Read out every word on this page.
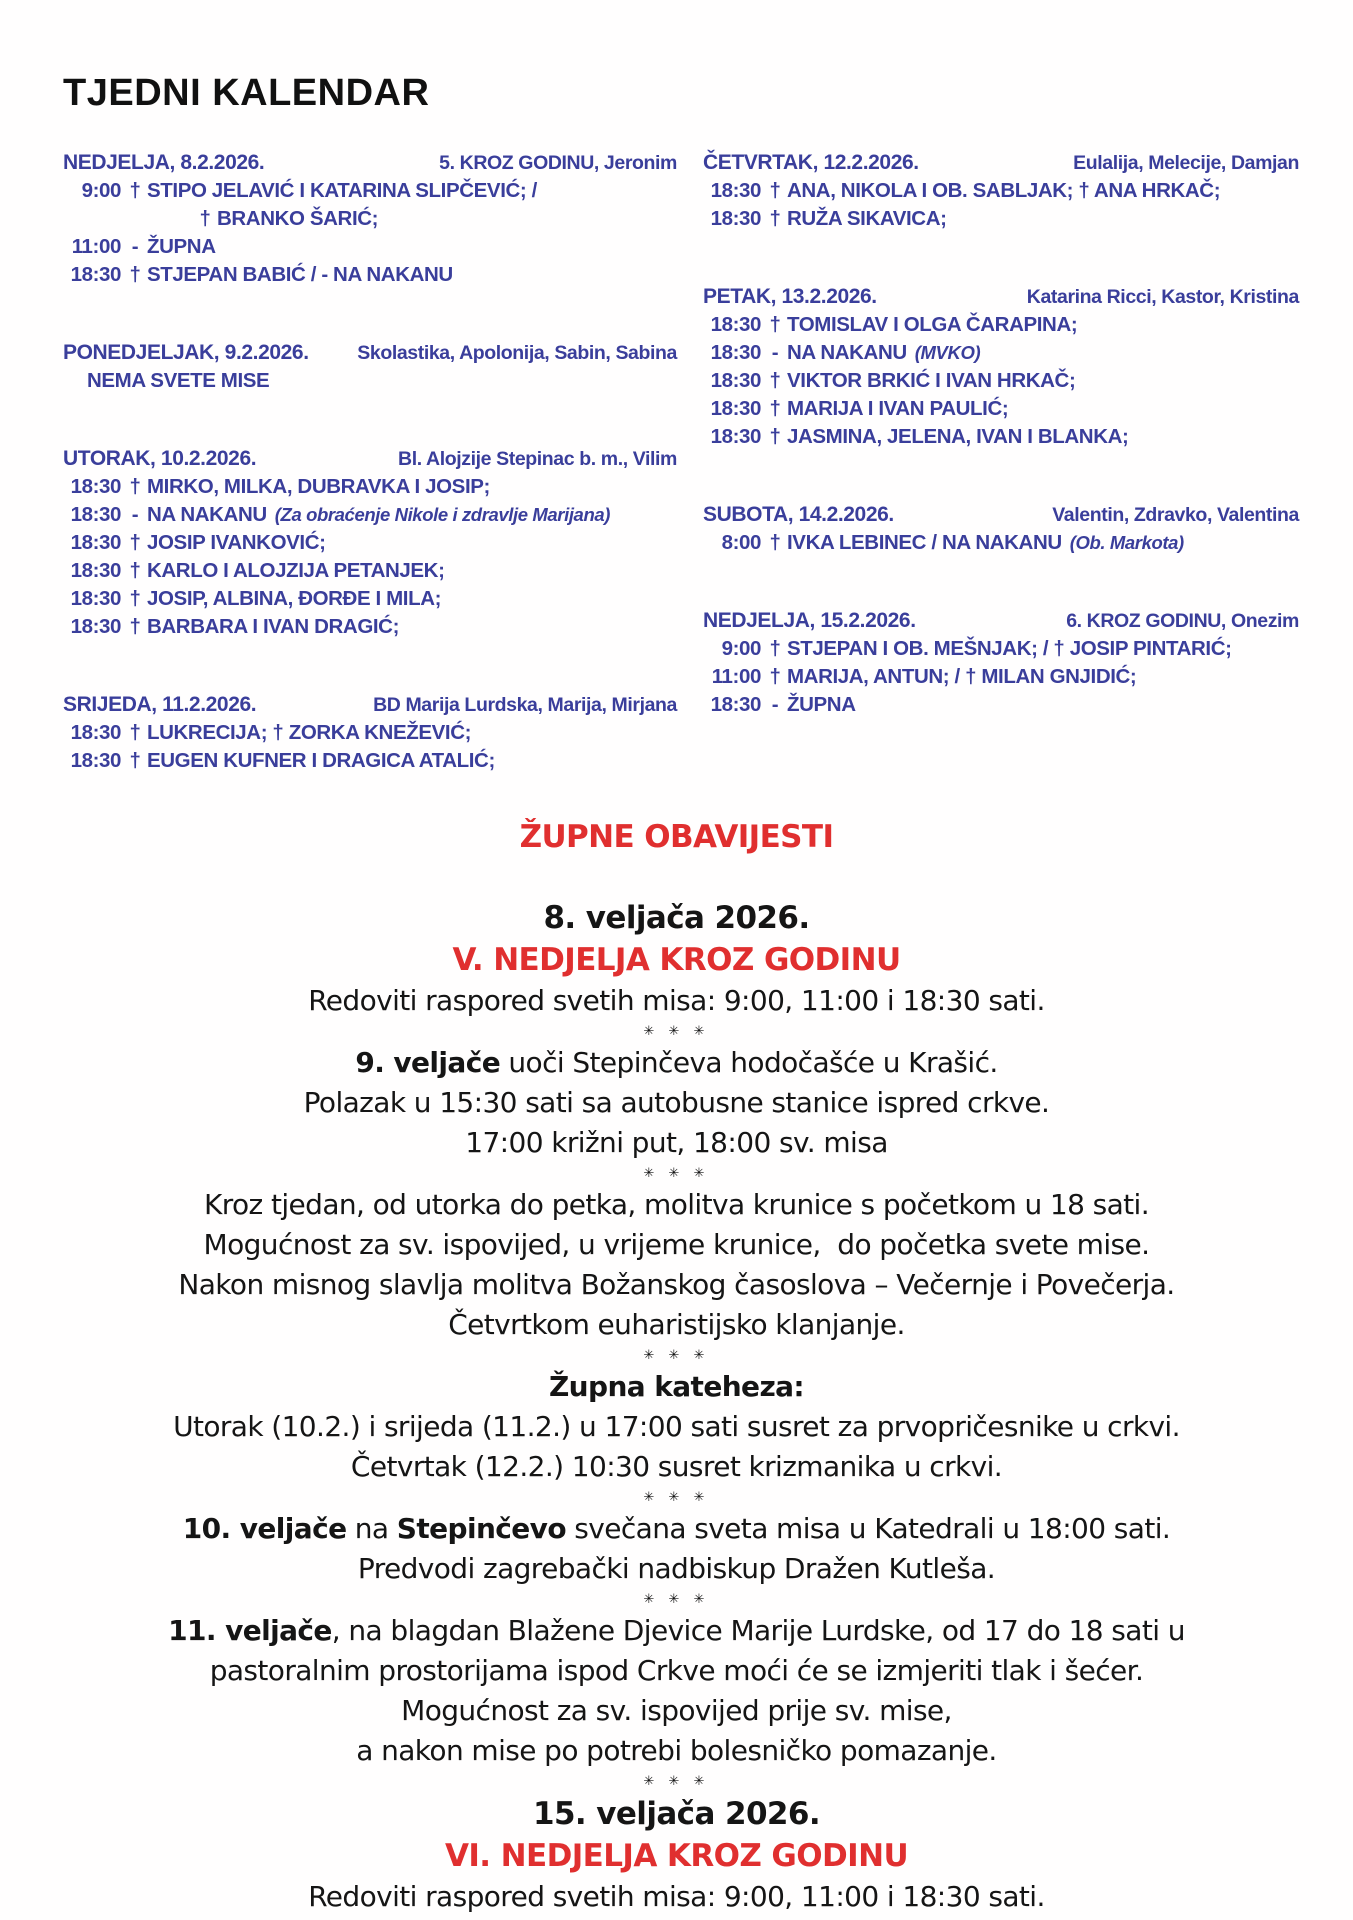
TJEDNI KALENDAR
NEDJELJA, 8.2.2026.	5. KROZ GODINU, Jeronim
9:00 † STIPO JELAVIĆ I KATARINA SLIPČEVIĆ; /
† BRANKO ŠARIĆ;
11:00 - ŽUPNA
18:30 † STJEPAN BABIĆ / - NA NAKANU
PONEDJELJAK, 9.2.2026.	Skolastika, Apolonija, Sabin, Sabina
NEMA SVETE MISE
UTORAK, 10.2.2026.	Bl. Alojzije Stepinac b. m., Vilim
18:30 † MIRKO, MILKA, DUBRAVKA I JOSIP;
18:30 - NA NAKANU (Za obraćenje Nikole i zdravlje Marijana)
18:30 † JOSIP IVANKOVIĆ;
18:30 † KARLO I ALOJZIJA PETANJEK;
18:30 † JOSIP, ALBINA, ĐORĐE I MILA;
18:30 † BARBARA I IVAN DRAGIĆ;
SRIJEDA, 11.2.2026.	BD Marija Lurdska, Marija, Mirjana
18:30 † LUKRECIJA; † ZORKA KNEŽEVIĆ;
18:30 † EUGEN KUFNER I DRAGICA ATALIĆ;
ČETVRTAK, 12.2.2026.	Eulalija, Melecije, Damjan
18:30 † ANA, NIKOLA I OB. SABLJAK; † ANA HRKAČ;
18:30 † RUŽA SIKAVICA;
PETAK, 13.2.2026.	Katarina Ricci, Kastor, Kristina
18:30 † TOMISLAV I OLGA ČARAPINA;
18:30 - NA NAKANU (MVKO)
18:30 † VIKTOR BRKIĆ I IVAN HRKAČ;
18:30 † MARIJA I IVAN PAULIĆ;
18:30 † JASMINA, JELENA, IVAN I BLANKA;
SUBOTA, 14.2.2026.	Valentin, Zdravko, Valentina
8:00 † IVKA LEBINEC / NA NAKANU (Ob. Markota)
NEDJELJA, 15.2.2026.	6. KROZ GODINU, Onezim
9:00 † STJEPAN I OB. MEŠNJAK; / † JOSIP PINTARIĆ;
11:00 † MARIJA, ANTUN; / † MILAN GNJIDIĆ;
18:30 - ŽUPNA
ŽUPNE OBAVIJESTI
8. veljača 2026.
V. NEDJELJA KROZ GODINU
Redoviti raspored svetih misa: 9:00, 11:00 i 18:30 sati.
✳ ✳ ✳
9. veljače uoči Stepinčeva hodočašće u Krašić.
Polazak u 15:30 sati sa autobusne stanice ispred crkve.
17:00 križni put, 18:00 sv. misa
✳ ✳ ✳
Kroz tjedan, od utorka do petka, molitva krunice s početkom u 18 sati.
Mogućnost za sv. ispovijed, u vrijeme krunice,  do početka svete mise.
Nakon misnog slavlja molitva Božanskog časoslova – Večernje i Povečerja.
Četvrtkom euharistijsko klanjanje.
✳ ✳ ✳
Župna kateheza:
Utorak (10.2.) i srijeda (11.2.) u 17:00 sati susret za prvopričesnike u crkvi.
Četvrtak (12.2.) 10:30 susret krizmanika u crkvi.
✳ ✳ ✳
10. veljače na Stepinčevo svečana sveta misa u Katedrali u 18:00 sati.
Predvodi zagrebački nadbiskup Dražen Kutleša.
✳ ✳ ✳
11. veljače, na blagdan Blažene Djevice Marije Lurdske, od 17 do 18 sati u
pastoralnim prostorijama ispod Crkve moći će se izmjeriti tlak i šećer.
Mogućnost za sv. ispovijed prije sv. mise,
a nakon mise po potrebi bolesničko pomazanje.
✳ ✳ ✳
15. veljača 2026.
VI. NEDJELJA KROZ GODINU
Redoviti raspored svetih misa: 9:00, 11:00 i 18:30 sati.
